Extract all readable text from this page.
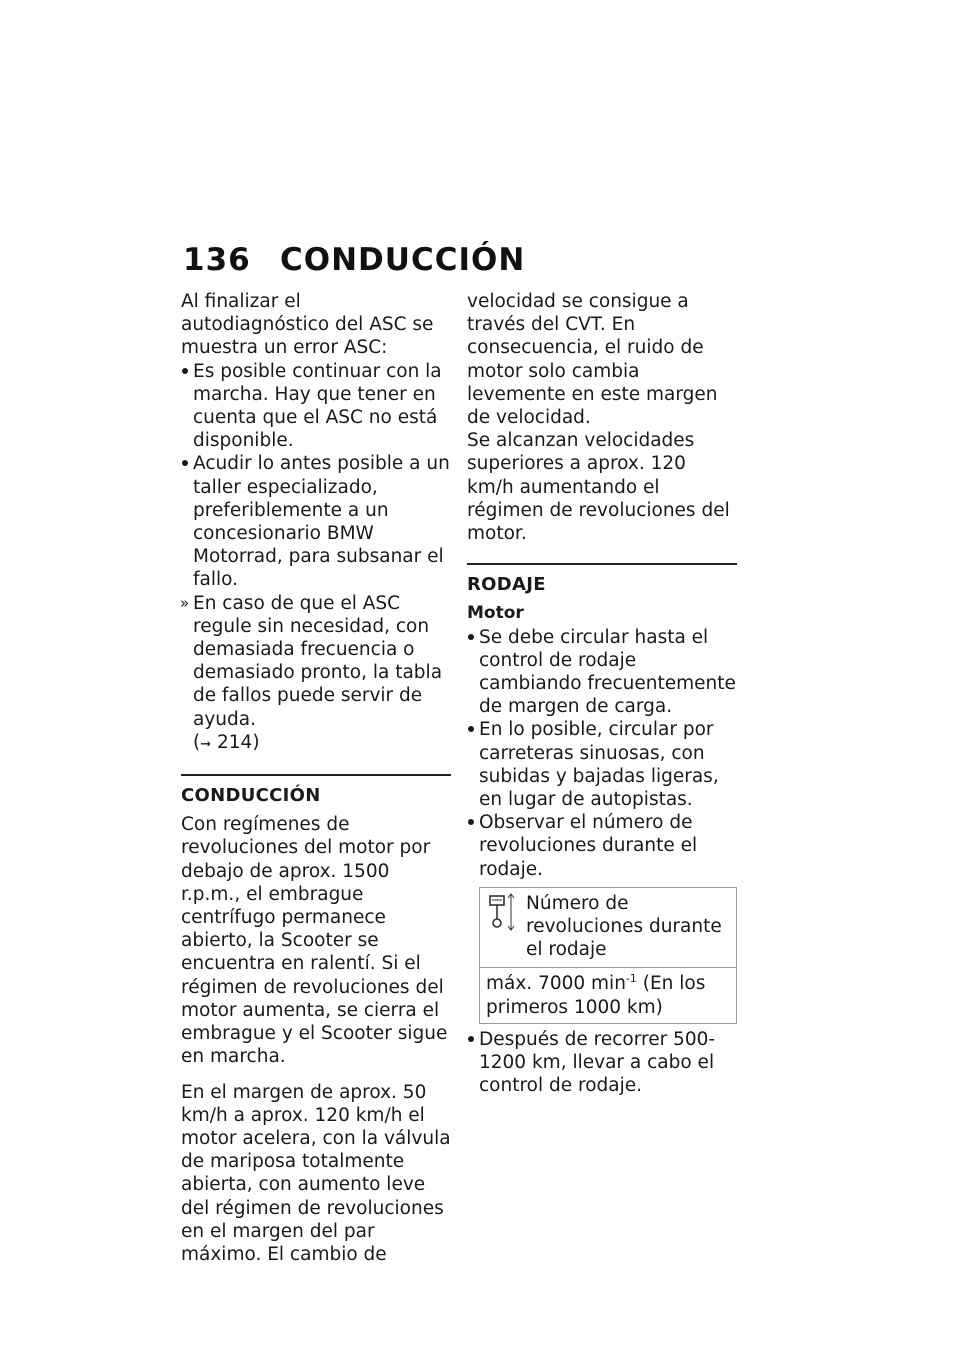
136 CONDUCCIÓN

Al finalizar el autodiagnóstico del ASC se muestra un error ASC:

Es posible continuar con la marcha. Hay que tener en cuenta que el ASC no está disponible.
Acudir lo antes posible a un taller especializado, preferiblemente a un concesionario BMW Motorrad, para subsanar el fallo.
» En caso de que el ASC regule sin necesidad, con demasiada frecuencia o demasiado pronto, la tabla de fallos puede servir de ayuda.
(➞ 214)
CONDUCCIÓN

Con regímenes de revoluciones del motor por debajo de aprox. 1500 r.p.m., el embrague centrífugo permanece abierto, la Scooter se encuentra en ralentí. Si el régimen de revoluciones del motor aumenta, se cierra el embrague y el Scooter sigue en marcha.

En el margen de aprox. 50 km/h a aprox. 120 km/h el motor acelera, con la válvula de mariposa totalmente abierta, con aumento leve del régimen de revoluciones en el margen del par máximo. El cambio de

velocidad se consigue a través del CVT. En consecuencia, el ruido de motor solo cambia levemente en este margen de velocidad.

Se alcanzan velocidades superiores a aprox. 120 km/h aumentando el régimen de revoluciones del motor.

RODAJE
Motor
Se debe circular hasta el control de rodaje cambiando frecuentemente de margen de carga.
En lo posible, circular por carreteras sinuosas, con subidas y bajadas ligeras, en lugar de autopistas.
Observar el número de revoluciones durante el rodaje.
Número de revoluciones durante el rodaje
máx. 7000 $\min^{-1} (En$ los primeros 1000 km)
Después de recorrer 500-1200 km, llevar a cabo el control de rodaje.
